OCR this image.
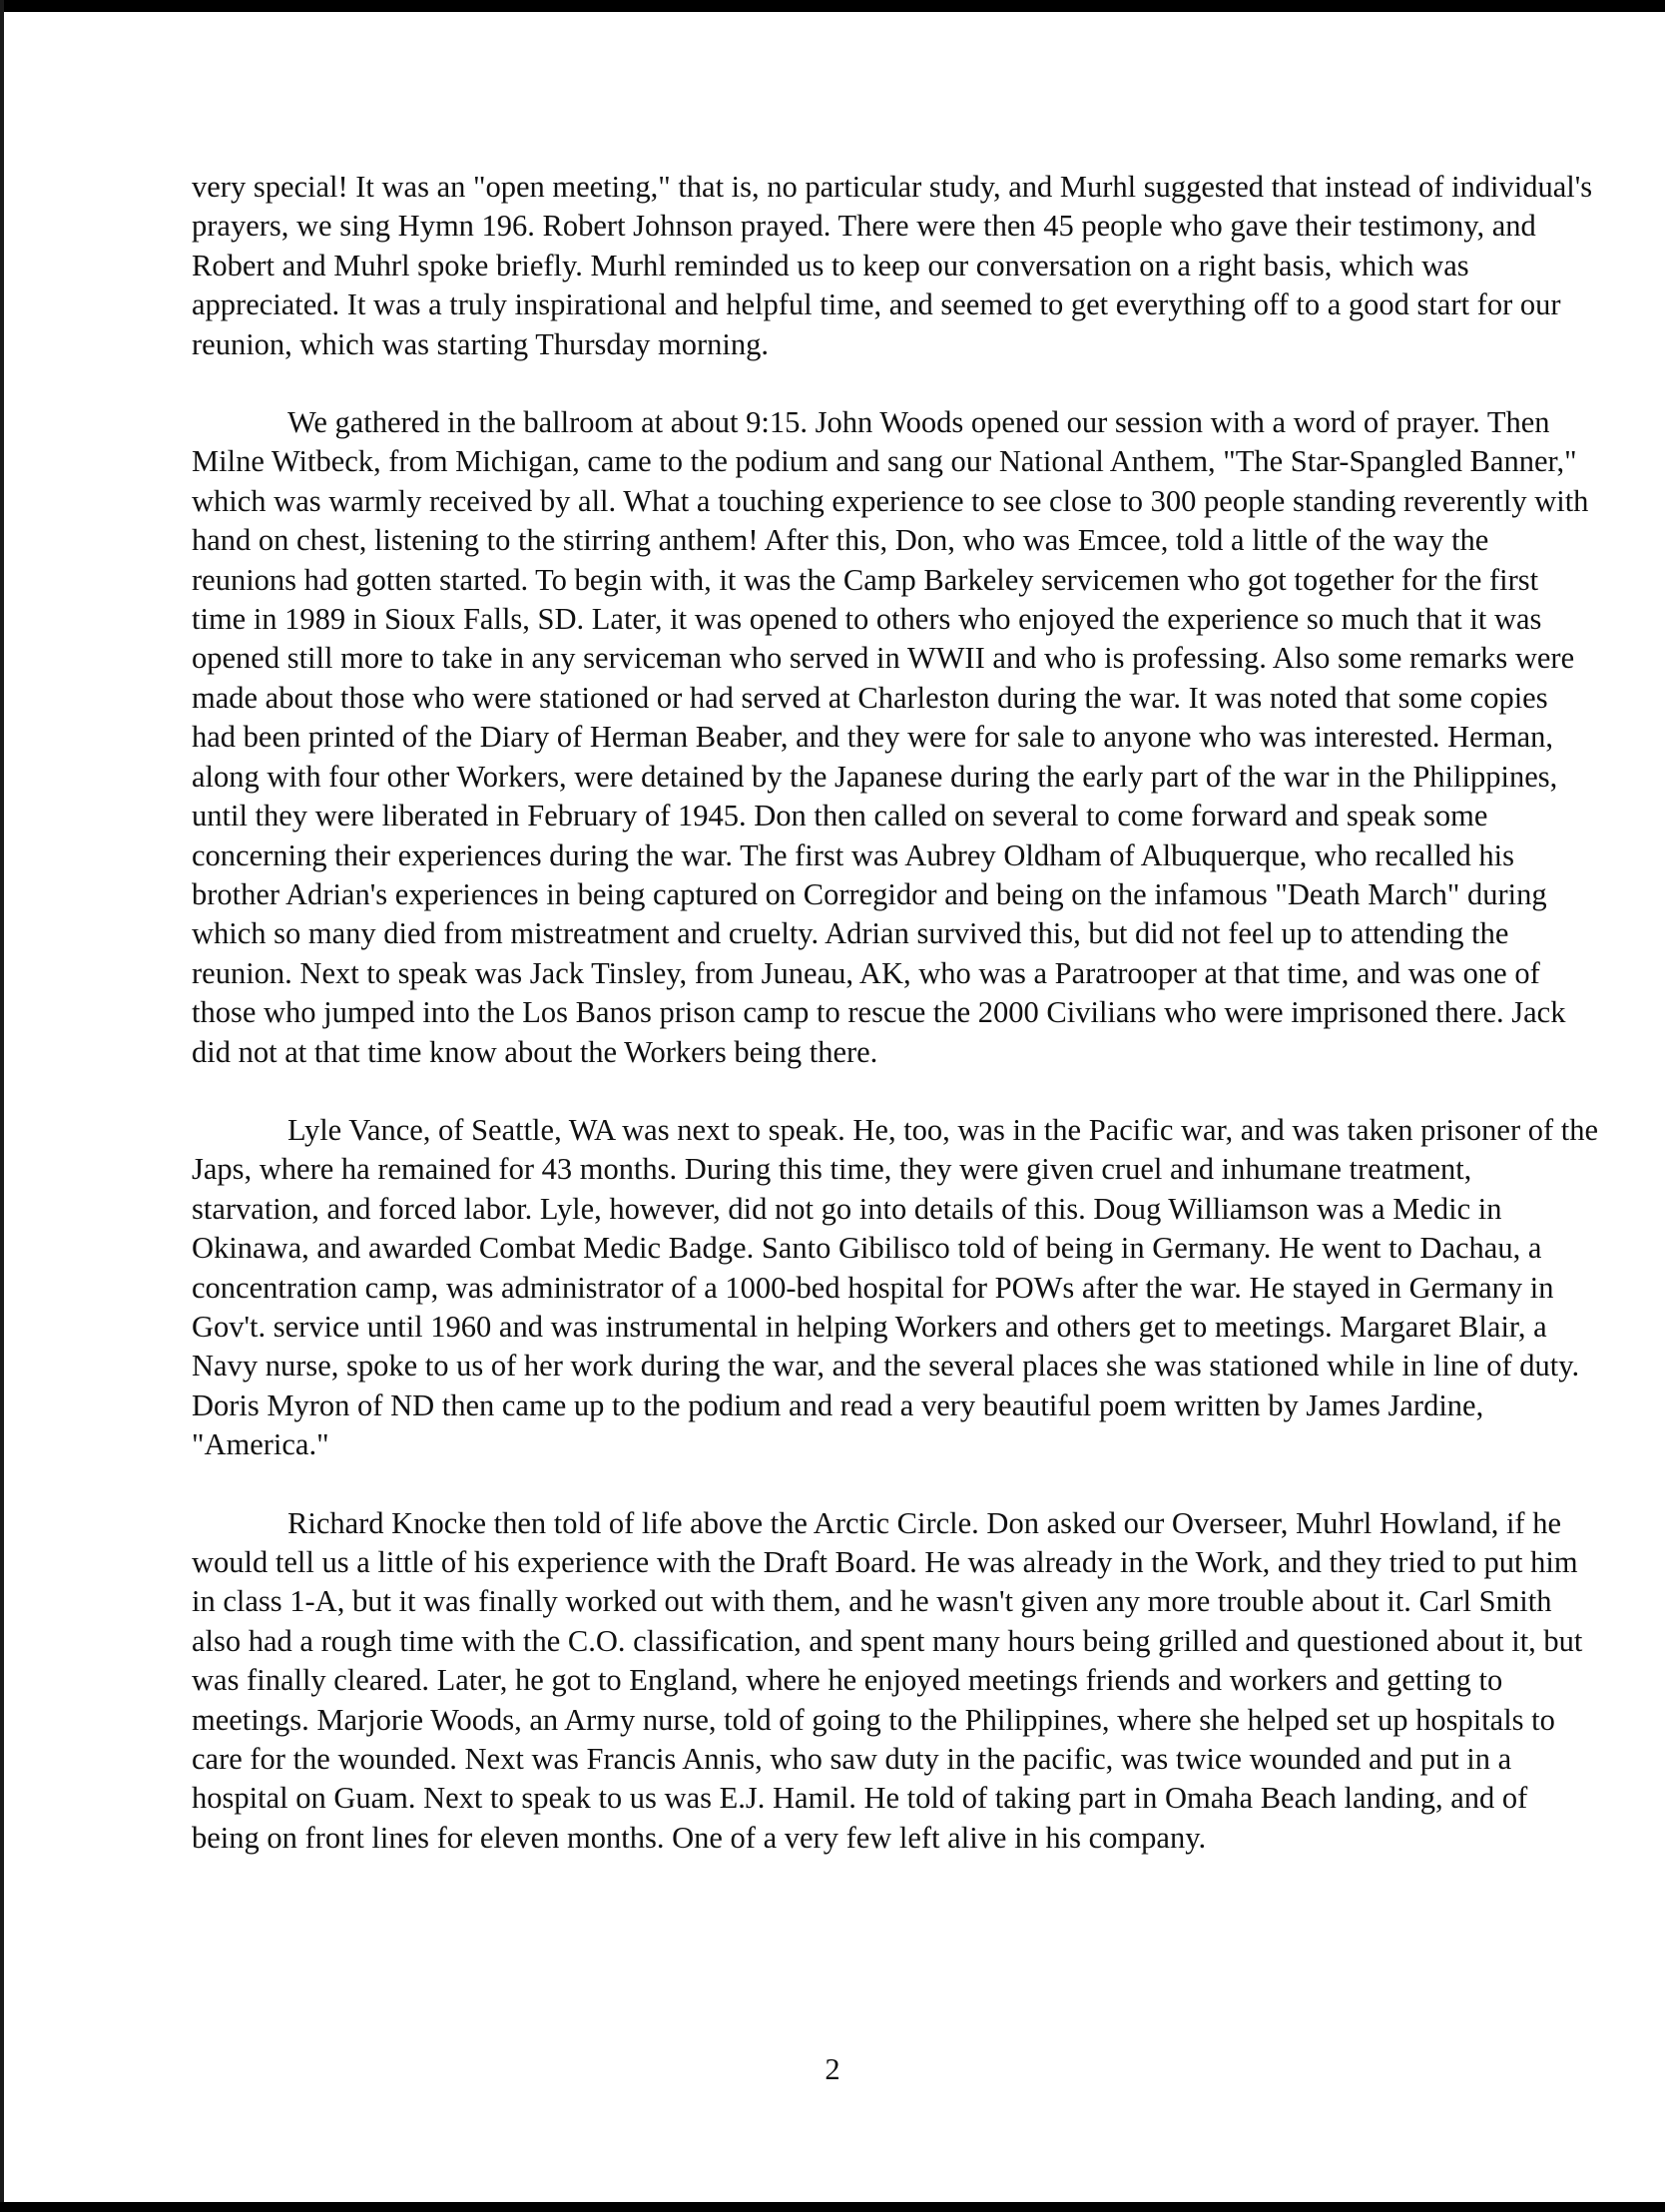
very special! It was an "open meeting," that is, no particular study, and Murhl suggested that instead of individual's prayers, we sing Hymn 196. Robert Johnson prayed. There were then 45 people who gave their testimony, and Robert and Muhrl spoke briefly. Murhl reminded us to keep our conversation on a right basis, which was appreciated. It was a truly inspirational and helpful time, and seemed to get everything off to a good start for our reunion, which was starting Thursday morning.

We gathered in the ballroom at about 9:15. John Woods opened our session with a word of prayer. Then Milne Witbeck, from Michigan, came to the podium and sang our National Anthem, "The Star-Spangled Banner," which was warmly received by all. What a touching experience to see close to 300 people standing reverently with hand on chest, listening to the stirring anthem! After this, Don, who was Emcee, told a little of the way the reunions had gotten started. To begin with, it was the Camp Barkeley servicemen who got together for the first time in 1989 in Sioux Falls, SD. Later, it was opened to others who enjoyed the experience so much that it was opened still more to take in any serviceman who served in WWII and who is professing. Also some remarks were made about those who were stationed or had served at Charleston during the war. It was noted that some copies had been printed of the Diary of Herman Beaber, and they were for sale to anyone who was interested. Herman, along with four other Workers, were detained by the Japanese during the early part of the war in the Philippines, until they were liberated in February of 1945. Don then called on several to come forward and speak some concerning their experiences during the war. The first was Aubrey Oldham of Albuquerque, who recalled his brother Adrian's experiences in being captured on Corregidor and being on the infamous "Death March" during which so many died from mistreatment and cruelty. Adrian survived this, but did not feel up to attending the reunion. Next to speak was Jack Tinsley, from Juneau, AK, who was a Paratrooper at that time, and was one of those who jumped into the Los Banos prison camp to rescue the 2000 Civilians who were imprisoned there. Jack did not at that time know about the Workers being there.

Lyle Vance, of Seattle, WA was next to speak. He, too, was in the Pacific war, and was taken prisoner of the Japs, where ha remained for 43 months. During this time, they were given cruel and inhumane treatment, starvation, and forced labor. Lyle, however, did not go into details of this. Doug Williamson was a Medic in Okinawa, and awarded Combat Medic Badge. Santo Gibilisco told of being in Germany. He went to Dachau, a concentration camp, was administrator of a 1000-bed hospital for POWs after the war. He stayed in Germany in Gov't. service until 1960 and was instrumental in helping Workers and others get to meetings. Margaret Blair, a Navy nurse, spoke to us of her work during the war, and the several places she was stationed while in line of duty. Doris Myron of ND then came up to the podium and read a very beautiful poem written by James Jardine, "America."

Richard Knocke then told of life above the Arctic Circle. Don asked our Overseer, Muhrl Howland, if he would tell us a little of his experience with the Draft Board. He was already in the Work, and they tried to put him in class 1-A, but it was finally worked out with them, and he wasn't given any more trouble about it. Carl Smith also had a rough time with the C.O. classification, and spent many hours being grilled and questioned about it, but was finally cleared. Later, he got to England, where he enjoyed meetings friends and workers and getting to meetings. Marjorie Woods, an Army nurse, told of going to the Philippines, where she helped set up hospitals to care for the wounded. Next was Francis Annis, who saw duty in the pacific, was twice wounded and put in a hospital on Guam. Next to speak to us was E.J. Hamil. He told of taking part in Omaha Beach landing, and of being on front lines for eleven months. One of a very few left alive in his company.

2
